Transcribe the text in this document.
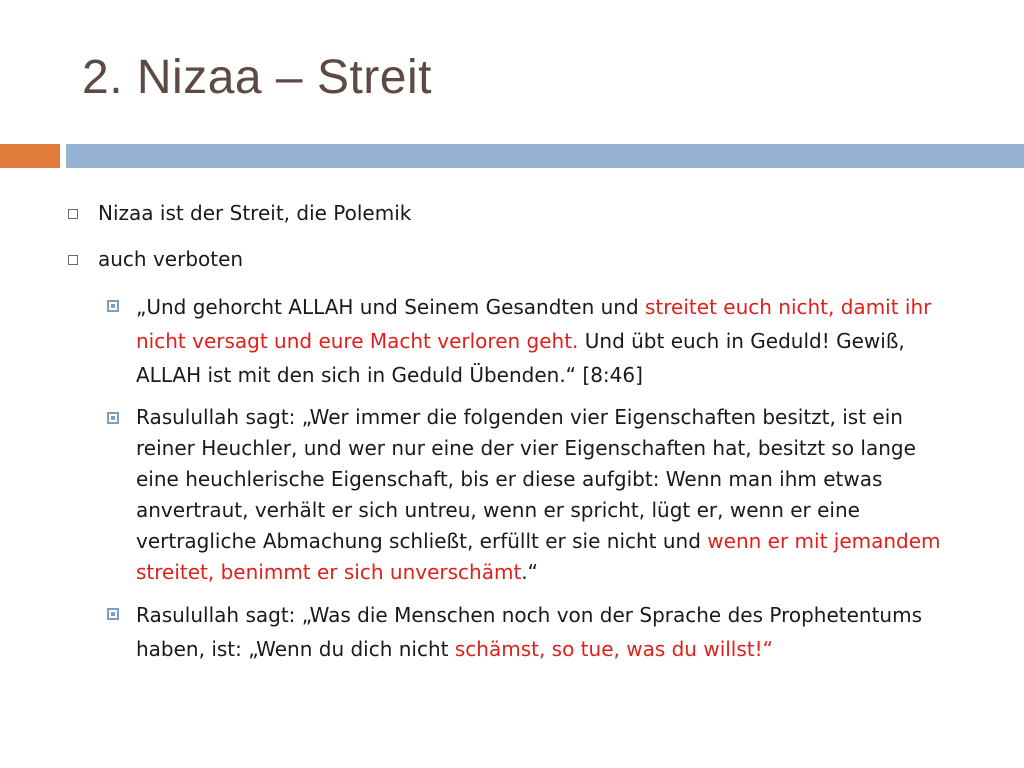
2. Nizaa – Streit
Nizaa ist der Streit, die Polemik
auch verboten
„Und gehorcht ALLAH und Seinem Gesandten und streitet euch nicht, damit ihr nicht versagt und eure Macht verloren geht. Und übt euch in Geduld! Gewiß, ALLAH ist mit den sich in Geduld Übenden.“ [8:46]
Rasulullah sagt: „Wer immer die folgenden vier Eigenschaften besitzt, ist ein reiner Heuchler, und wer nur eine der vier Eigenschaften hat, besitzt so lange eine heuchlerische Eigenschaft, bis er diese aufgibt: Wenn man ihm etwas anvertraut, verhält er sich untreu, wenn er spricht, lügt er, wenn er eine vertragliche Abmachung schließt, erfüllt er sie nicht und wenn er mit jemandem streitet, benimmt er sich unverschämt.“
Rasulullah sagt: „Was die Menschen noch von der Sprache des Prophetentums haben, ist: „Wenn du dich nicht schämst, so tue, was du willst!“
